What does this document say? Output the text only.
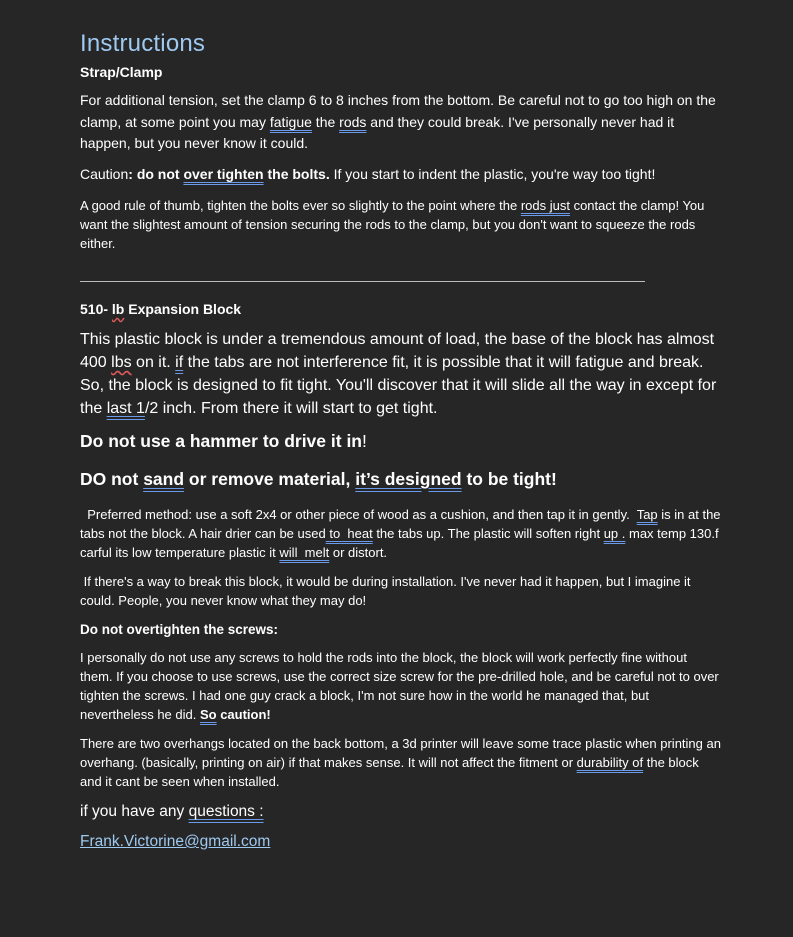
Instructions

Strap/Clamp

For additional tension, set the clamp 6 to 8 inches from the bottom. Be careful not to go too high on the clamp, at some point you may fatigue the rods and they could break. I've personally never had it happen, but you never know it could.

Caution: do not over tighten the bolts. If you start to indent the plastic, you're way too tight!

A good rule of thumb, tighten the bolts ever so slightly to the point where the rods just contact the clamp! You want the slightest amount of tension securing the rods to the clamp, but you don't want to squeeze the rods either.

510- lb Expansion Block

This plastic block is under a tremendous amount of load, the base of the block has almost 400 lbs on it. if the tabs are not interference fit, it is possible that it will fatigue and break. So, the block is designed to fit tight. You'll discover that it will slide all the way in except for the last 1/2 inch. From there it will start to get tight.

Do not use a hammer to drive it in!

DO not sand or remove material, it’s designed to be tight!

Preferred method: use a soft 2x4 or other piece of wood as a cushion, and then tap it in gently.  Tap is in at the tabs not the block. A hair drier can be used to  heat the tabs up. The plastic will soften right up . max temp 130.f   carful its low temperature plastic it will  melt or distort.

If there's a way to break this block, it would be during installation. I've never had it happen, but I imagine it could. People, you never know what they may do!

Do not overtighten the screws:

I personally do not use any screws to hold the rods into the block, the block will work perfectly fine without them. If you choose to use screws, use the correct size screw for the pre-drilled hole, and be careful not to over tighten the screws. I had one guy crack a block, I'm not sure how in the world he managed that, but nevertheless he did. So caution!

There are two overhangs located on the back bottom, a 3d printer will leave some trace plastic when printing an overhang. (basically, printing on air) if that makes sense. It will not affect the fitment or durability of the block and it cant be seen when installed.

if you have any questions :

Frank.Victorine@gmail.com
